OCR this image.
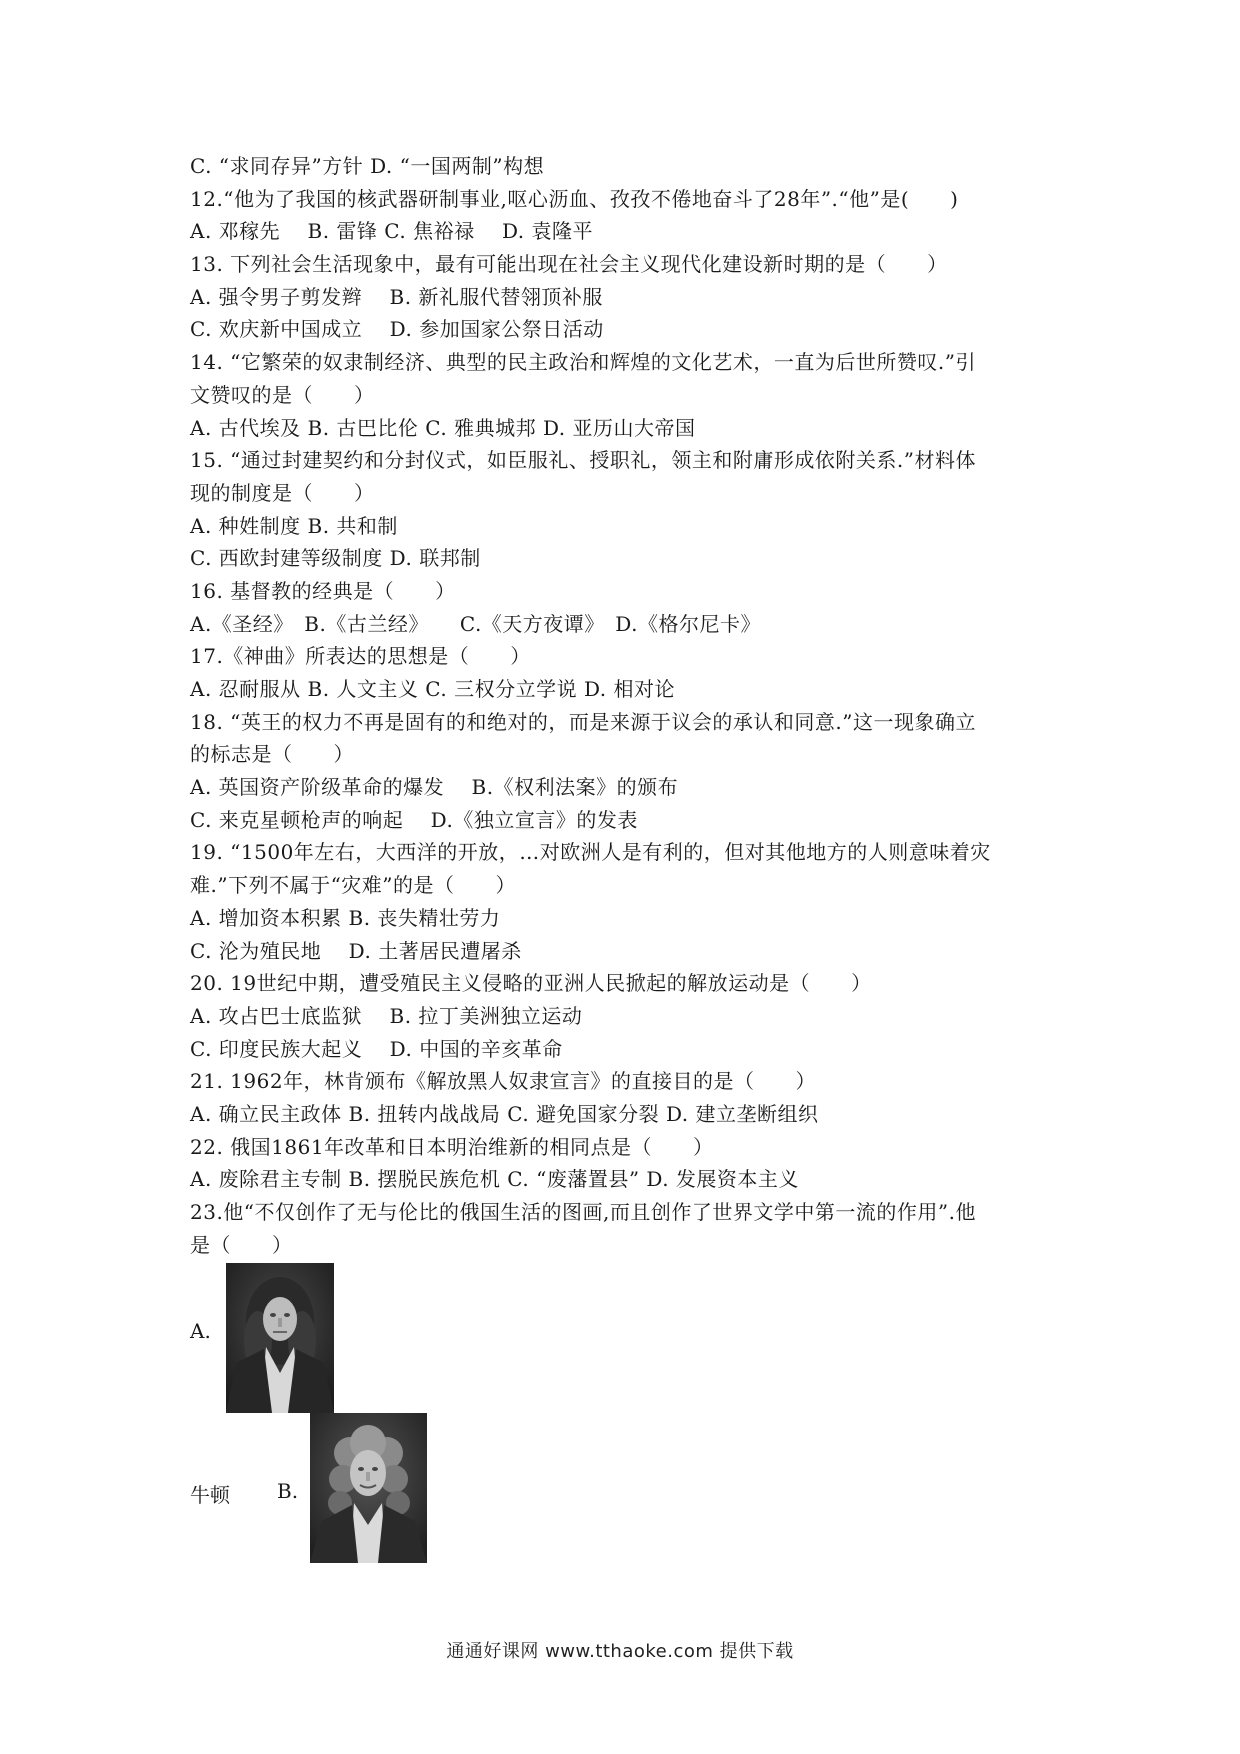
C. “求同存异”方针 D. “一国两制”构想
12.“他为了我国的核武器研制事业,呕心沥血、孜孜不倦地奋斗了28年”.“他”是(　　)
A. 邓稼先　 B. 雷锋 C. 焦裕禄　 D. 袁隆平
13. 下列社会生活现象中，最有可能出现在社会主义现代化建设新时期的是（　　）
A. 强令男子剪发辫　 B. 新礼服代替翎顶补服
C. 欢庆新中国成立　 D. 参加国家公祭日活动
14. “它繁荣的奴隶制经济、典型的民主政治和辉煌的文化艺术，一直为后世所赞叹.”引
文赞叹的是（　　）
A. 古代埃及 B. 古巴比伦 C. 雅典城邦 D. 亚历山大帝国
15. “通过封建契约和分封仪式，如臣服礼、授职礼，领主和附庸形成依附关系.”材料体
现的制度是（　　）
A. 种姓制度 B. 共和制
C. 西欧封建等级制度 D. 联邦制
16. 基督教的经典是（　　）
A.《圣经》　B.《古兰经》　　C.《天方夜谭》　D.《格尔尼卡》
17.《神曲》所表达的思想是（　　）
A. 忍耐服从 B. 人文主义 C. 三权分立学说 D. 相对论
18. “英王的权力不再是固有的和绝对的，而是来源于议会的承认和同意.”这一现象确立
的标志是（　　）
A. 英国资产阶级革命的爆发　 B.《权利法案》的颁布
C. 来克星顿枪声的响起　 D.《独立宣言》的发表
19. “1500年左右，大西洋的开放，…对欧洲人是有利的，但对其他地方的人则意味着灾
难.”下列不属于“灾难”的是（　　）
A. 增加资本积累 B. 丧失精壮劳力
C. 沦为殖民地　 D. 土著居民遭屠杀
20. 19世纪中期，遭受殖民主义侵略的亚洲人民掀起的解放运动是（　　）
A. 攻占巴士底监狱　 B. 拉丁美洲独立运动
C. 印度民族大起义　 D. 中国的辛亥革命
21. 1962年，林肯颁布《解放黑人奴隶宣言》的直接目的是（　　）
A. 确立民主政体 B. 扭转内战战局 C. 避免国家分裂 D. 建立垄断组织
22. 俄国1861年改革和日本明治维新的相同点是（　　）
A. 废除君主专制 B. 摆脱民族危机 C. “废藩置县” D. 发展资本主义
23.他“不仅创作了无与伦比的俄国生活的图画,而且创作了世界文学中第一流的作用”.他
是（　　）
A.
牛顿 B.
通通好课网 www.tthaoke.com 提供下载
